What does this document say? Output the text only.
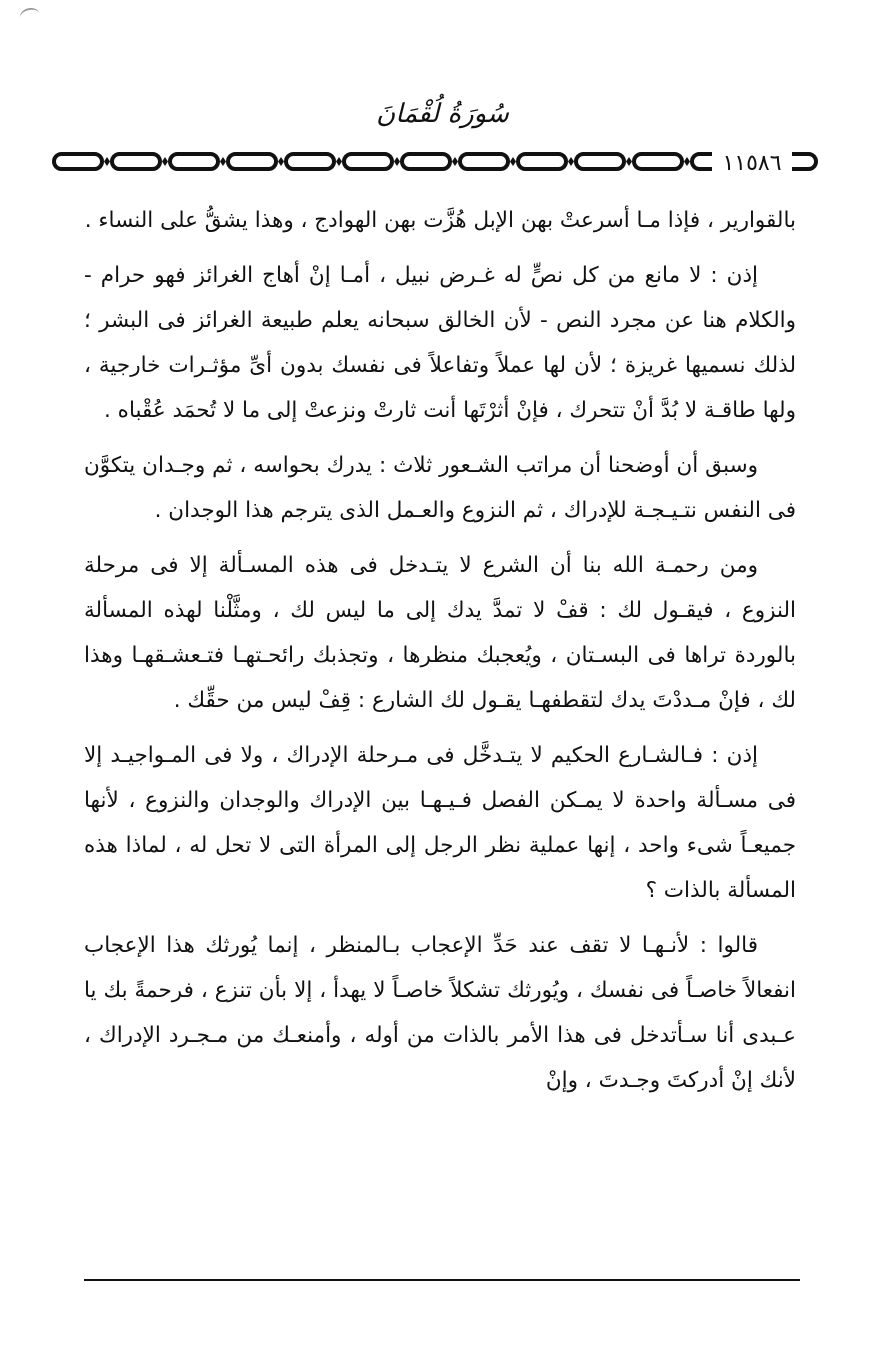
سُورَةُ لُقْمَانَ
١١٥٨٦

بالقوارير ، فإذا مـا أسرعتْ بهن الإبل هُزَّت بهن الهوادج ، وهذا يشقُّ على النساء .

إذن : لا مانع من كل نصٍّ له غـرض نبيل ، أمـا إنْ أهاج الغرائز فهو حرام - والكلام هنا عن مجرد النص - لأن الخالق سبحانه يعلم طبيعة الغرائز فى البشر ؛ لذلك نسميها غريزة ؛ لأن لها عملاً وتفاعلاً فى نفسك بدون أىِّ مؤثـرات خارجية ، ولها طاقـة لا بُدَّ أنْ تتحرك ، فإنْ أثرْتَها أنت ثارتْ ونزعتْ إلى ما لا تُحمَد عُقْباه .

وسبق أن أوضحنا أن مراتب الشـعور ثلاث : يدرك بحواسه ، ثم وجـدان يتكوَّن فى النفس نتـيـجـة للإدراك ، ثم النزوع والعـمل الذى يترجم هذا الوجدان .

ومن رحمـة الله بنا أن الشرع لا يتـدخل فى هذه المسـألة إلا فى مرحلة النزوع ، فيقـول لك : قفْ لا تمدَّ يدك إلى ما ليس لك ، ومثَّلْنا لهذه المسألة بالوردة تراها فى البسـتان ، ويُعجبك منظرها ، وتجذبك رائحـتهـا فتـعشـقهـا وهذا لك ، فإنْ مـددْتَ يدك لتقطفهـا يقـول لك الشارع : قِفْ ليس من حقِّك .

إذن : فـالشـارع الحكيم لا يتـدخَّل فى مـرحلة الإدراك ، ولا فى المـواجيـد إلا فى مسـألة واحدة لا يمـكن الفصل فـيـهـا بين الإدراك والوجدان والنزوع ، لأنها جميعـاً شىء واحد ، إنها عملية نظر الرجل إلى المرأة التى لا تحل له ، لماذا هذه المسألة بالذات ؟

قالوا : لأنـهـا لا تقف عند حَدِّ الإعجاب بـالمنظر ، إنما يُورثك هذا الإعجاب انفعالاً خاصـاً فى نفسك ، ويُورثك تشكلاً خاصـاً لا يهدأ ، إلا بأن تنزع ، فرحمةً بك يا عـبدى أنا سـأتدخل فى هذا الأمر بالذات من أوله ، وأمنعـك من مـجـرد الإدراك ، لأنك إنْ أدركتَ وجـدتَ ، وإنْ
